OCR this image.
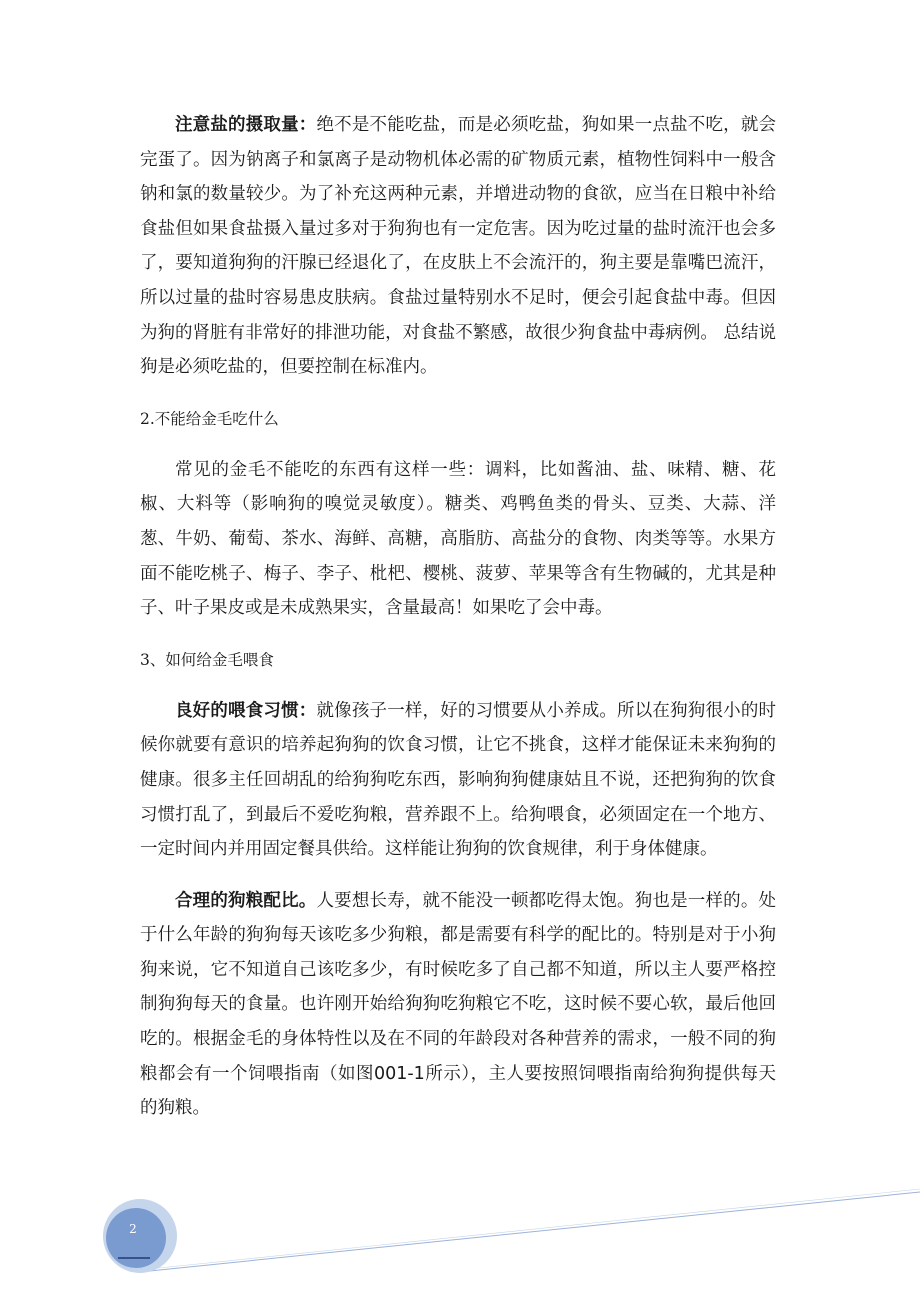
注意盐的摄取量：绝不是不能吃盐，而是必须吃盐，狗如果一点盐不吃，就会完蛋了。因为钠离子和氯离子是动物机体必需的矿物质元素，植物性饲料中一般含钠和氯的数量较少。为了补充这两种元素，并增进动物的食欲，应当在日粮中补给食盐但如果食盐摄入量过多对于狗狗也有一定危害。因为吃过量的盐时流汗也会多了，要知道狗狗的汗腺已经退化了，在皮肤上不会流汗的，狗主要是靠嘴巴流汗，所以过量的盐时容易患皮肤病。食盐过量特别水不足时，便会引起食盐中毒。但因为狗的肾脏有非常好的排泄功能，对食盐不繁感，故很少狗食盐中毒病例。 总结说狗是必须吃盐的，但要控制在标准内。

2.不能给金毛吃什么

常见的金毛不能吃的东西有这样一些：调料，比如酱油、盐、味精、糖、花椒、大料等（影响狗的嗅觉灵敏度）。糖类、鸡鸭鱼类的骨头、豆类、大蒜、洋葱、牛奶、葡萄、茶水、海鲜、高糖，高脂肪、高盐分的食物、肉类等等。水果方面不能吃桃子、梅子、李子、枇杷、樱桃、菠萝、苹果等含有生物碱的，尤其是种子、叶子果皮或是未成熟果实，含量最高！如果吃了会中毒。

3、如何给金毛喂食

良好的喂食习惯：就像孩子一样，好的习惯要从小养成。所以在狗狗很小的时候你就要有意识的培养起狗狗的饮食习惯，让它不挑食，这样才能保证未来狗狗的健康。很多主任回胡乱的给狗狗吃东西，影响狗狗健康姑且不说，还把狗狗的饮食习惯打乱了，到最后不爱吃狗粮，营养跟不上。给狗喂食，必须固定在一个地方、一定时间内并用固定餐具供给。这样能让狗狗的饮食规律，利于身体健康。

合理的狗粮配比。人要想长寿，就不能没一顿都吃得太饱。狗也是一样的。处于什么年龄的狗狗每天该吃多少狗粮，都是需要有科学的配比的。特别是对于小狗狗来说，它不知道自己该吃多少，有时候吃多了自己都不知道，所以主人要严格控制狗狗每天的食量。也许刚开始给狗狗吃狗粮它不吃，这时候不要心软，最后他回吃的。根据金毛的身体特性以及在不同的年龄段对各种营养的需求，一般不同的狗粮都会有一个饲喂指南（如图001-1所示），主人要按照饲喂指南给狗狗提供每天的狗粮。

2
